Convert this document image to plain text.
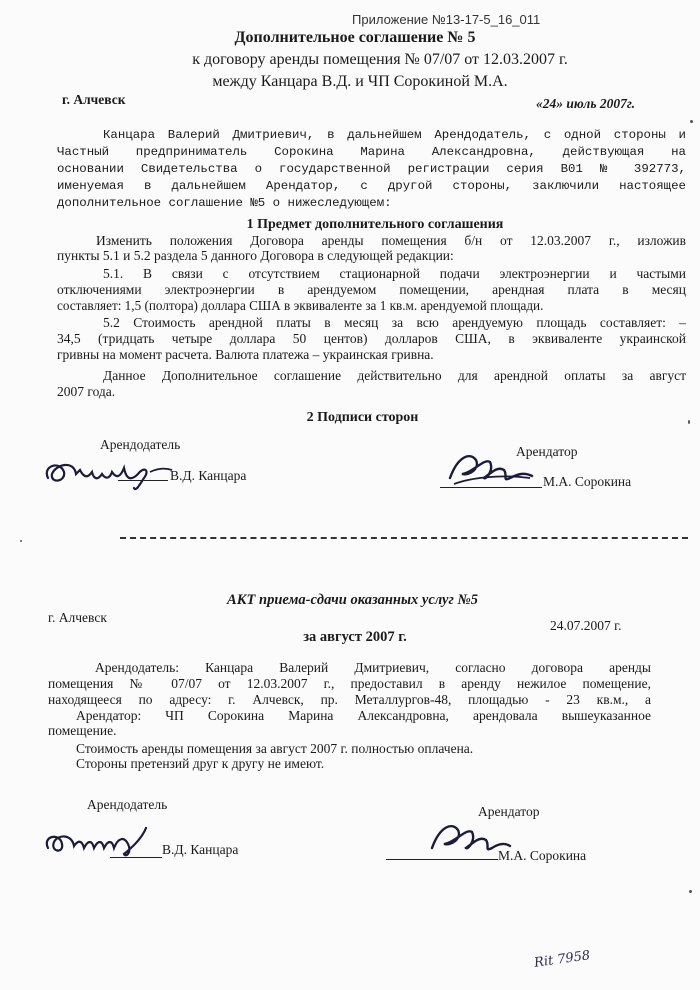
Приложение №13-17-5_16_011
Дополнительное соглашение № 5
к договору аренды помещения № 07/07 от 12.03.2007 г.
между Канцара В.Д. и ЧП Сорокиной М.А.
г. Алчевск	«24» июль 2007г.
Канцара Валерий Дмитриевич, в дальнейшем Арендодатель, с одной стороны и
Частный предприниматель Сорокина Марина Александровна, действующая на
основании Свидетельства о государственной регистрации серия В01 № 392773,
именуемая в дальнейшем Арендатор, с другой стороны, заключили настоящее
дополнительное соглашение №5 о нижеследующем:
1 Предмет дополнительного соглашения
Изменить положения Договора аренды помещения б/н от 12.03.2007 г., изложив
пункты 5.1 и 5.2 раздела 5 данного Договора в следующей редакции:
5.1. В связи с отсутствием стационарной подачи электроэнергии и частыми
отключениями электроэнергии в арендуемом помещении, арендная плата в месяц
составляет: 1,5 (полтора) доллара США в эквиваленте за 1 кв.м. арендуемой площади.
5.2 Стоимость арендной платы в месяц за всю арендуемую площадь составляет: –
34,5 (тридцать четыре доллара 50 центов) долларов США, в эквиваленте украинской
гривны на момент расчета. Валюта платежа – украинская гривна.
Данное Дополнительное соглашение действительно для арендной оплаты за август
2007 года.
2 Подписи сторон
Арендодатель	Арендатор
В.Д. Канцара	М.А. Сорокина
АКТ приема-сдачи оказанных услуг №5
г. Алчевск
24.07.2007 г.
за август 2007 г.
Арендодатель: Канцара Валерий Дмитриевич, согласно договора аренды
помещения № 07/07 от 12.03.2007 г., предоставил в аренду нежилое помещение,
находящееся по адресу: г. Алчевск, пр. Металлургов-48, площадью - 23 кв.м., а
Арендатор: ЧП Сорокина Марина Александровна, арендовала вышеуказанное
помещение.
Стоимость аренды помещения за август 2007 г. полностью оплачена.
Стороны претензий друг к другу не имеют.
Арендодатель	Арендатор
В.Д. Канцара	М.А. Сорокина
Rit 7958
